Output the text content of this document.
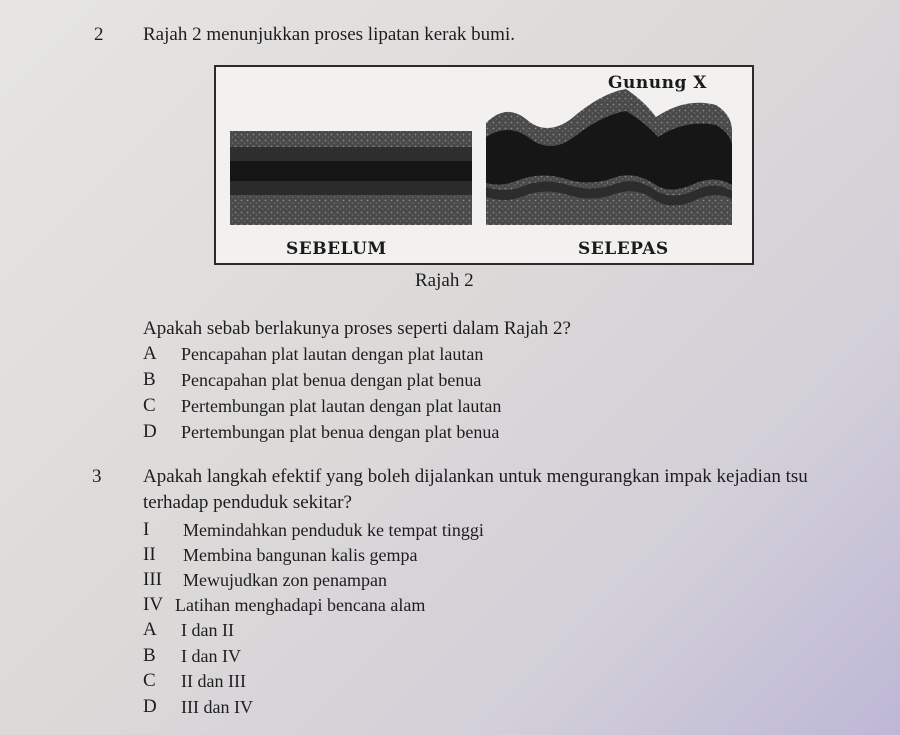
2 Rajah 2 menunjukkan proses lipatan kerak bumi.
Gunung X
SEBELUM	SELEPAS
Rajah 2
Apakah sebab berlakunya proses seperti dalam Rajah 2?
A Pencapahan plat lautan dengan plat lautan
B Pencapahan plat benua dengan plat benua
C Pertembungan plat lautan dengan plat lautan
D Pertembungan plat benua dengan plat benua
3 Apakah langkah efektif yang boleh dijalankan untuk mengurangkan impak kejadian tsu
terhadap penduduk sekitar?
I Memindahkan penduduk ke tempat tinggi
II Membina bangunan kalis gempa
III Mewujudkan zon penampan
IV Latihan menghadapi bencana alam
A I dan II
B I dan IV
C II dan III
D III dan IV
